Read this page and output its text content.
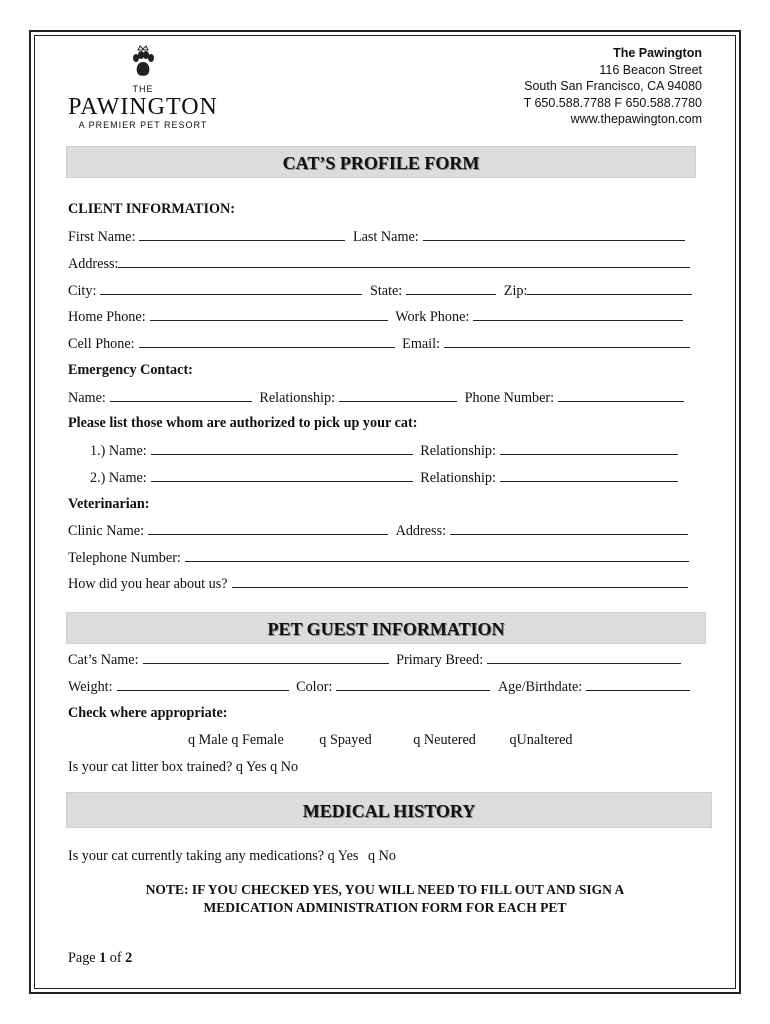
THE
PAWINGTON
A PREMIER PET RESORT
The Pawington
116 Beacon Street
South San Francisco, CA 94080
T 650.588.7788 F 650.588.7780
www.thepawington.com
CAT’S PROFILE FORM
CLIENT INFORMATION:
First Name:	Last Name:
Address:
City:	State:	Zip:
Home Phone:	Work Phone:
Cell Phone:	Email:
Emergency Contact:
Name:	Relationship:	Phone Number:
Please list those whom are authorized to pick up your cat:
1.) Name:	Relationship:
2.) Name:	Relationship:
Veterinarian:
Clinic Name:	Address:
Telephone Number:
How did you hear about us?
PET GUEST INFORMATION
Cat’s Name:	Primary Breed:
Weight:	Color:	Age/Birthdate:
Check where appropriate:
q Male q Female	q Spayed	q Neutered qUnaltered
Is your cat litter box trained? q Yes q No
MEDICAL HISTORY
Is your cat currently taking any medications? q Yes q No
NOTE: IF YOU CHECKED YES, YOU WILL NEED TO FILL OUT AND SIGN A
MEDICATION ADMINISTRATION FORM FOR EACH PET
Page 1 of 2
